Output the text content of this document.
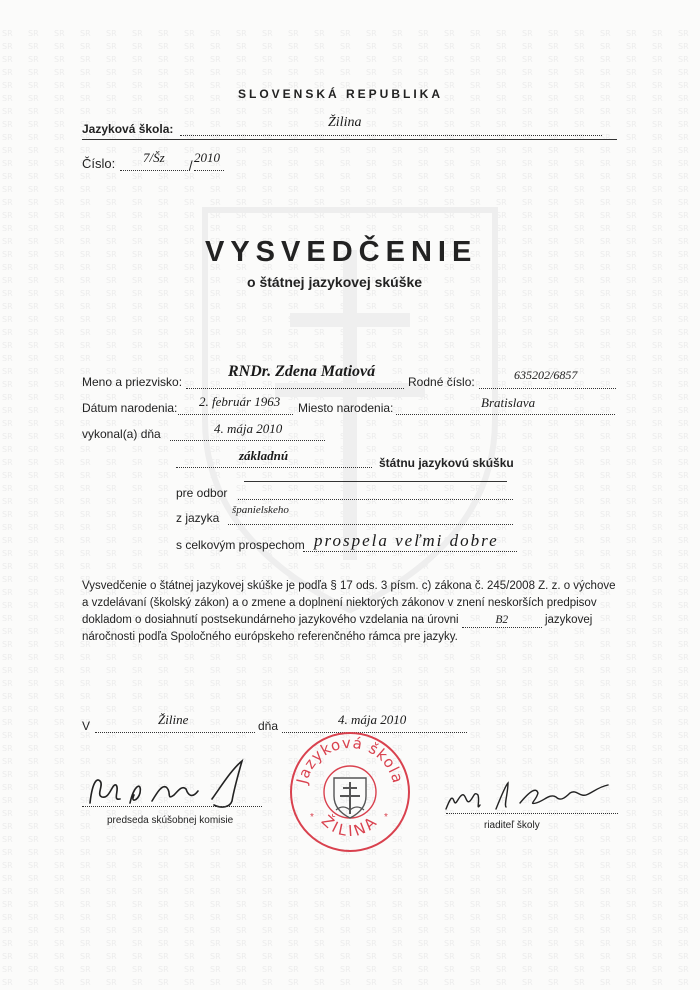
SLOVENSKÁ REPUBLIKA
Jazyková škola:	Žilina
Číslo: 7/Šz
/
2010
VYSVEDČENIE
o štátnej jazykovej skúške
Meno a priezvisko:
RNDr. Zdena Matiová
Rodné číslo:	635202/6857
Dátum narodenia: 2. február 1963 Miesto narodenia:	Bratislava
vykonal(a) dňa	4. mája 2010
základnú	štátnu jazykovú skúšku
pre odbor
z jazyka
španielskeho
s celkovým prospechom prospela veľmi dobre
Vysvedčenie o štátnej jazykovej skúške je podľa § 17 ods. 3 písm. c) zákona č. 245/2008 Z. z. o výchove a vzdelávaní (školský zákon) a o zmene a doplnení niektorých zákonov v znení neskorších predpisov dokladom o dosiahnutí postsekundárneho jazykového vzdelania na úrovni	B2	jazykovej náročnosti podľa Spoločného európskeho referenčného rámca pre jazyky.
V	Žiline	dňa	4. mája 2010
predseda skúšobnej komisie
Jazyková škola
ŽILINA
*	*
riaditeľ školy
